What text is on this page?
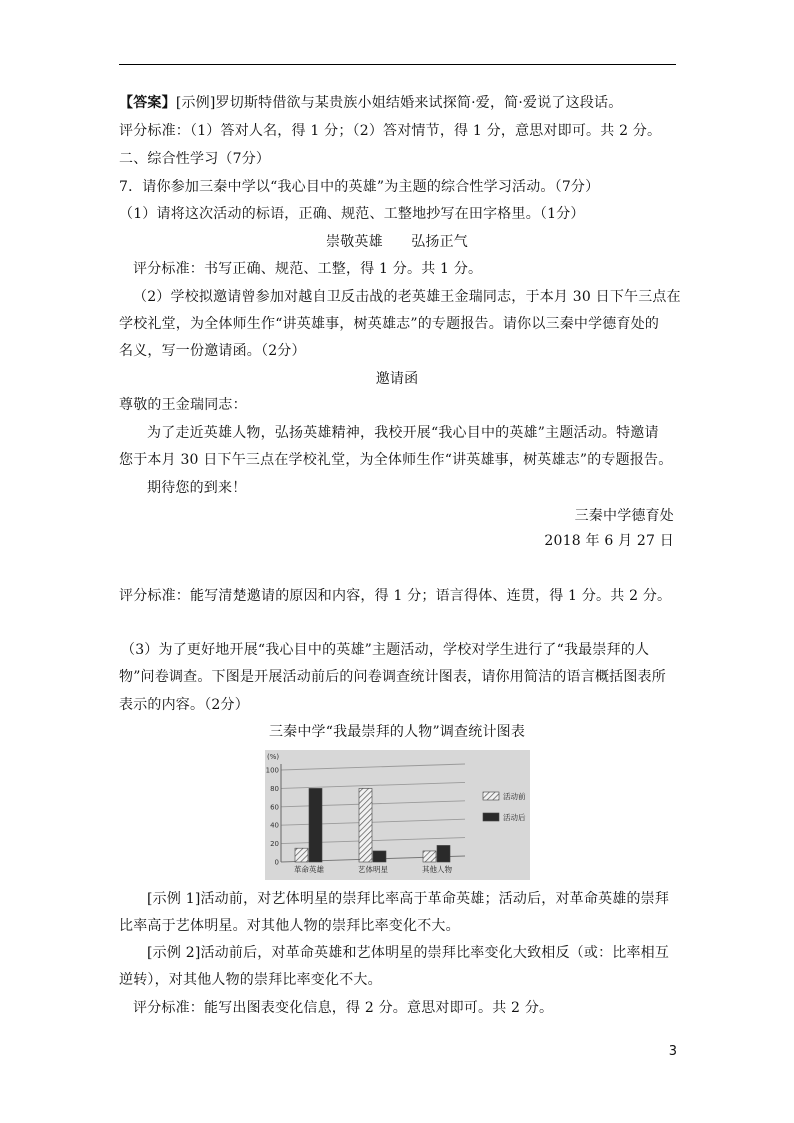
【答案】[示例]罗切斯特借欲与某贵族小姐结婚来试探简·爱，简·爱说了这段话。
评分标准：（1）答对人名，得 1 分；（2）答对情节，得 1 分，意思对即可。共 2 分。
二、综合性学习（7分）
7．请你参加三秦中学以“我心目中的英雄”为主题的综合性学习活动。（7分）
（1）请将这次活动的标语，正确、规范、工整地抄写在田字格里。（1分）
崇敬英雄　　弘扬正气
评分标准：书写正确、规范、工整，得 1 分。共 1 分。
（2）学校拟邀请曾参加对越自卫反击战的老英雄王金瑞同志，于本月 30 日下午三点在
学校礼堂，为全体师生作“讲英雄事，树英雄志”的专题报告。请你以三秦中学德育处的
名义，写一份邀请函。（2分）
邀请函
尊敬的王金瑞同志：
为了走近英雄人物，弘扬英雄精神，我校开展“我心目中的英雄”主题活动。特邀请
您于本月 30 日下午三点在学校礼堂，为全体师生作“讲英雄事，树英雄志”的专题报告。
期待您的到来！
三秦中学德育处
2018 年 6 月 27 日
评分标准：能写清楚邀请的原因和内容，得 1 分；语言得体、连贯，得 1 分。共 2 分。
（3）为了更好地开展“我心目中的英雄”主题活动，学校对学生进行了“我最崇拜的人
物”问卷调查。下图是开展活动前后的问卷调查统计图表，请你用简洁的语言概括图表所
表示的内容。（2分）
三秦中学“我最崇拜的人物”调查统计图表
(%)
0
20
40
60
80
100
革命英雄	艺体明星	其他人物
活动前
活动后
[示例 1]活动前，对艺体明星的崇拜比率高于革命英雄；活动后，对革命英雄的崇拜
比率高于艺体明星。对其他人物的崇拜比率变化不大。
[示例 2]活动前后，对革命英雄和艺体明星的崇拜比率变化大致相反（或：比率相互
逆转），对其他人物的崇拜比率变化不大。
评分标准：能写出图表变化信息，得 2 分。意思对即可。共 2 分。
3
